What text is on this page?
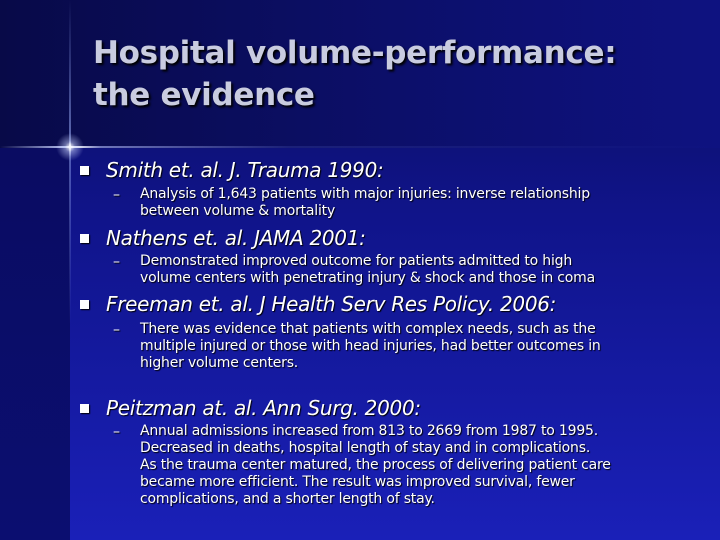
Hospital volume-performance:
the evidence
Smith et. al. J. Trauma 1990:
– Analysis of 1,643 patients with major injuries: inverse relationship
between volume & mortality
Nathens et. al. JAMA 2001:
– Demonstrated improved outcome for patients admitted to high
volume centers with penetrating injury & shock and those in coma
Freeman et. al. J Health Serv Res Policy. 2006:
– There was evidence that patients with complex needs, such as the
multiple injured or those with head injuries, had better outcomes in
higher volume centers.
Peitzman at. al. Ann Surg. 2000:
– Annual admissions increased from 813 to 2669 from 1987 to 1995.
Decreased in deaths, hospital length of stay and in complications.
As the trauma center matured, the process of delivering patient care
became more efficient. The result was improved survival, fewer
complications, and a shorter length of stay.
